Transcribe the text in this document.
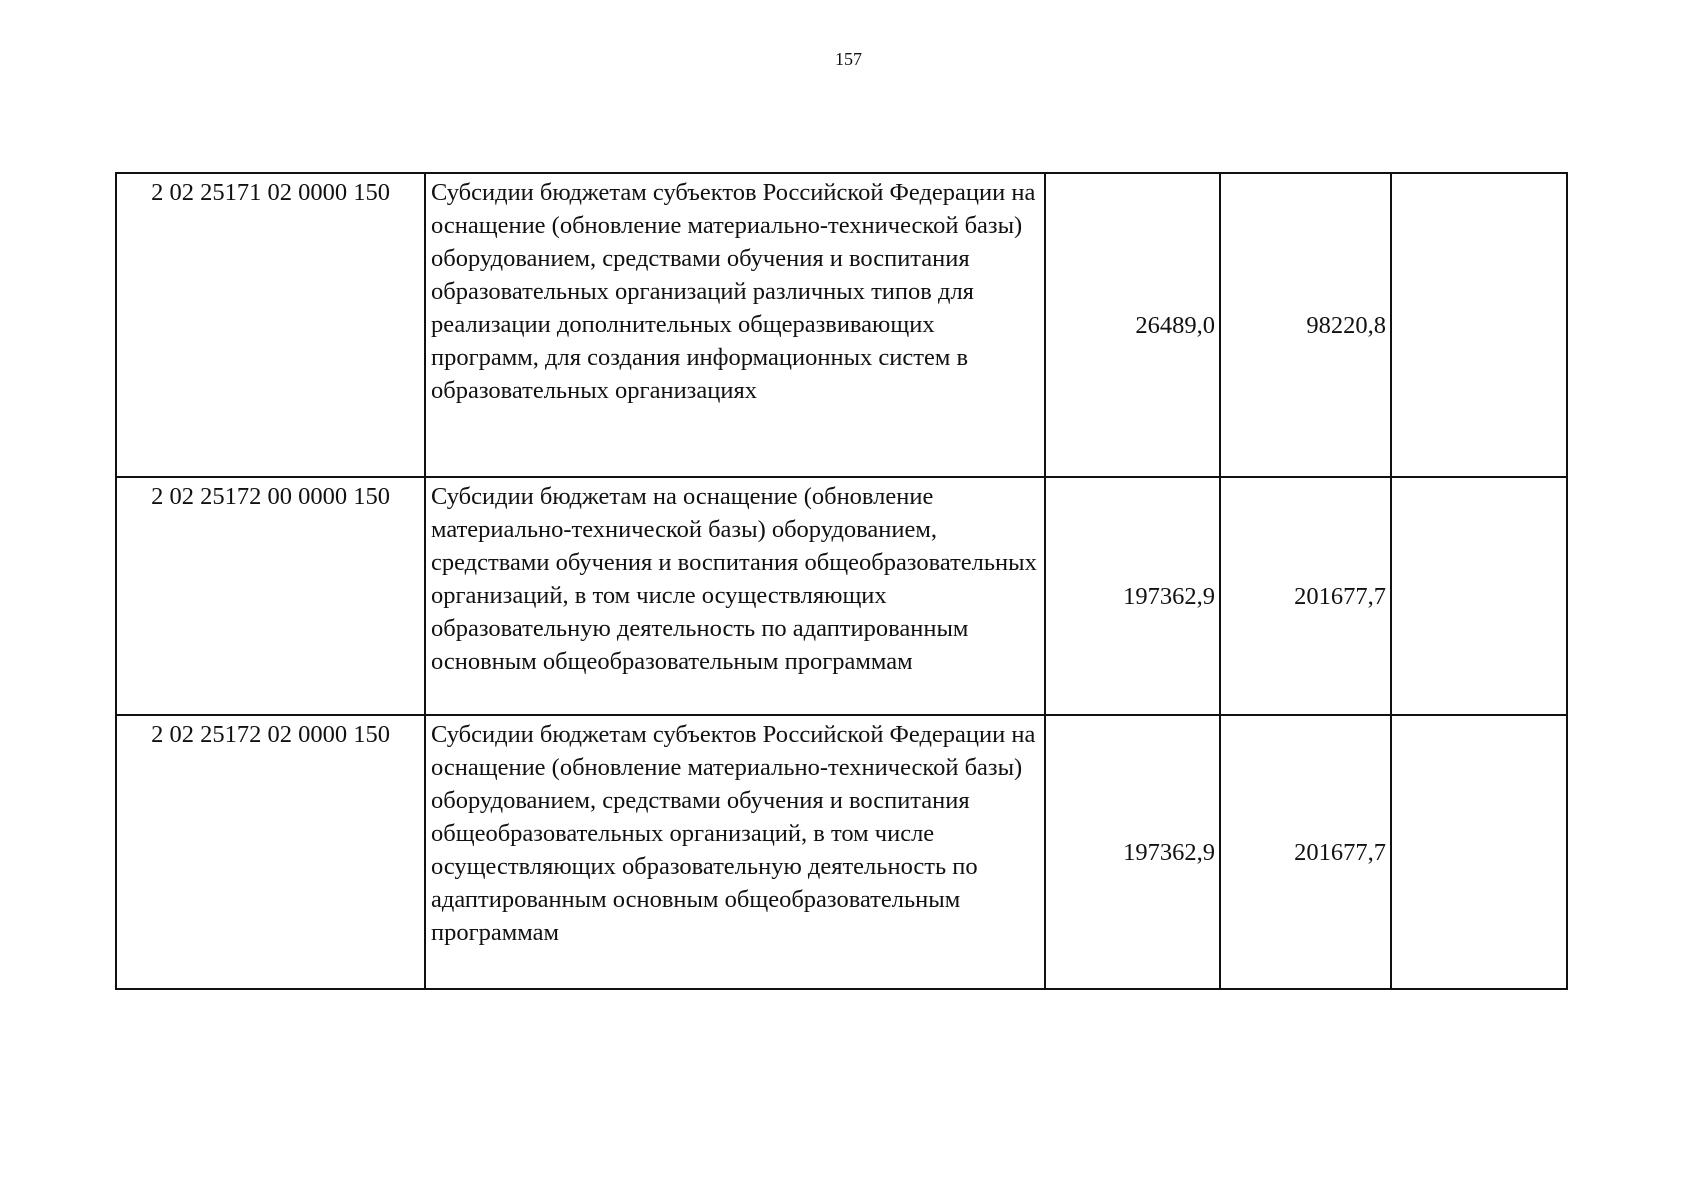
157
2 02 25171 02 0000 150	Субсидии бюджетам субъектов Российской Федерации на оснащение (обновление материально-технической базы) оборудованием, средствами обучения и воспитания образовательных организаций различных типов для реализации дополнительных общеразвивающих программ, для создания информационных систем в образовательных организациях	26489,0	98220,8	
2 02 25172 00 0000 150	Субсидии бюджетам на оснащение (обновление материально-технической базы) оборудованием, средствами обучения и воспитания общеобразовательных организаций, в том числе осуществляющих образовательную деятельность по адаптированным основным общеобразовательным программам	197362,9	201677,7	
2 02 25172 02 0000 150	Субсидии бюджетам субъектов Российской Федерации на оснащение (обновление материально-технической базы) оборудованием, средствами обучения и воспитания общеобразовательных организаций, в том числе осуществляющих образовательную деятельность по адаптированным основным общеобразовательным программам	197362,9	201677,7	
